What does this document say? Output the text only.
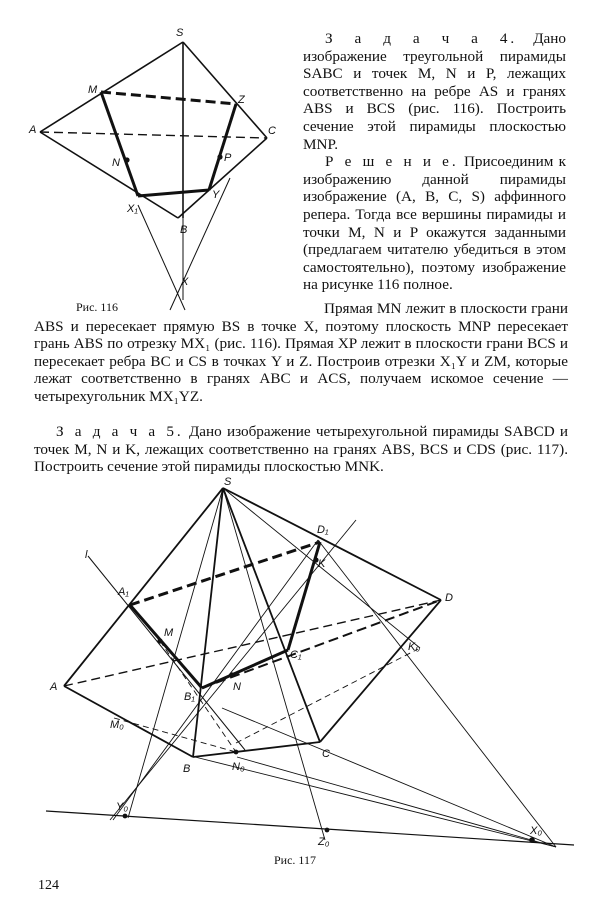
S
M
Z
A	C
N	P
X₁
Y
B
X
Рис. 116

З а д а ч а 4. Дано изображение треугольной пирамиды SABC и точек M, N и P, лежащих соответственно на ребре AS и гранях ABS и BCS (рис. 116). Построить сечение этой пирамиды плоскостью MNP.

Р е ш е н и е. Присоединим к изображению данной пирамиды изображение (A, B, C, S) аффинного репера. Тогда все вершины пирамиды и точки M, N и P окажутся заданными (предлагаем читателю убедиться в этом самостоятельно), поэтому изображение на рисунке 116 полное.

Прямая MN лежит в плоскости грани ABS и пересекает прямую BS в точке X, поэтому плоскость MNP пересекает грань ABS по отрезку MX₁ (рис. 116). Прямая XP лежит в плоскости грани BCS и пересекает ребра BC и CS в точках Y и Z. Построив отрезки X₁Y и ZM, которые лежат соответственно в гранях ABC и ACS, получаем искомое сечение — четырехугольник MX₁YZ.

З а д а ч а 5. Дано изображение четырехугольной пирамиды SABCD и точек M, N и K, лежащих соответственно на гранях ABS, BCS и CDS (рис. 117). Построить сечение этой пирамиды плоскостью MNK.

S
D₁
K
l
A₁	D
M
C₁
K₀
A
B₁
N
M₀
C
B	N₀
Y₀
Z₀
X₀
Рис. 117
124
